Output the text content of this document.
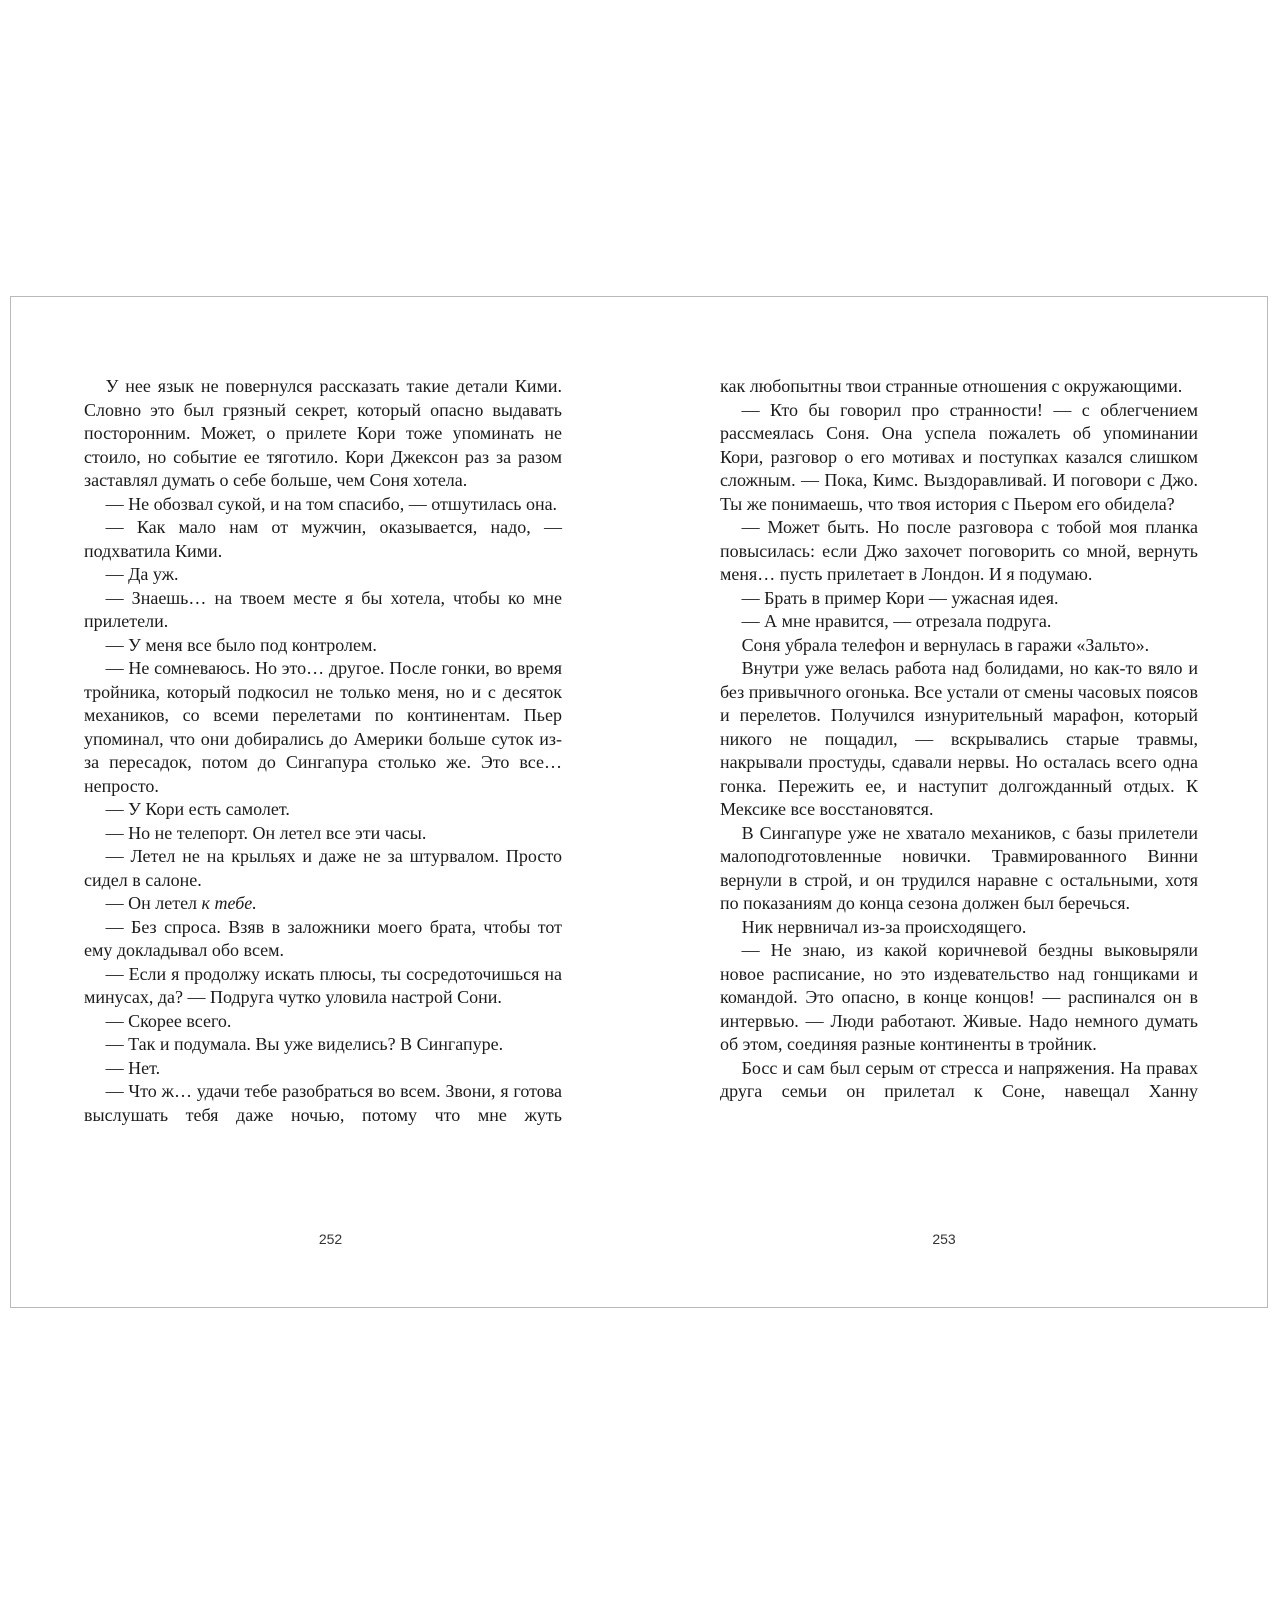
У нее язык не повернулся рассказать такие детали Кими. Словно это был грязный секрет, который опасно выдавать посторонним. Может, о прилете Кори тоже упоминать не стоило, но событие ее тяготило. Кори Джексон раз за разом заставлял думать о себе больше, чем Соня хотела.

— Не обозвал сукой, и на том спасибо, — отшутилась она.

— Как мало нам от мужчин, оказывается, надо, — подхватила Кими.

— Да уж.

— Знаешь… на твоем месте я бы хотела, чтобы ко мне прилетели.

— У меня все было под контролем.

— Не сомневаюсь. Но это… другое. После гонки, во время тройника, который подкосил не только меня, но и с десяток механиков, со всеми перелетами по континентам. Пьер упоминал, что они добирались до Америки больше суток из-за пересадок, потом до Сингапура столько же. Это все… непросто.

— У Кори есть самолет.

— Но не телепорт. Он летел все эти часы.

— Летел не на крыльях и даже не за штурвалом. Просто сидел в салоне.

— Он летел к тебе.

— Без спроса. Взяв в заложники моего брата, чтобы тот ему докладывал обо всем.

— Если я продолжу искать плюсы, ты сосредоточишься на минусах, да? — Подруга чутко уловила настрой Сони.

— Скорее всего.

— Так и подумала. Вы уже виделись? В Сингапуре.

— Нет.

— Что ж… удачи тебе разобраться во всем. Звони, я готова выслушать тебя даже ночью, потому что мне жуть

252

как любопытны твои странные отношения с окружающими.

— Кто бы говорил про странности! — с облегчением рассмеялась Соня. Она успела пожалеть об упоминании Кори, разговор о его мотивах и поступках казался слишком сложным. — Пока, Кимс. Выздоравливай. И поговори с Джо. Ты же понимаешь, что твоя история с Пьером его обидела?

— Может быть. Но после разговора с тобой моя планка повысилась: если Джо захочет поговорить со мной, вернуть меня… пусть прилетает в Лондон. И я подумаю.

— Брать в пример Кори — ужасная идея.

— А мне нравится, — отрезала подруга.

Соня убрала телефон и вернулась в гаражи «Зальто».

Внутри уже велась работа над болидами, но как-то вяло и без привычного огонька. Все устали от смены часовых поясов и перелетов. Получился изнурительный марафон, который никого не пощадил, — вскрывались старые травмы, накрывали простуды, сдавали нервы. Но осталась всего одна гонка. Пережить ее, и наступит долгожданный отдых. К Мексике все восстановятся.

В Сингапуре уже не хватало механиков, с базы прилетели малоподготовленные новички. Травмированного Винни вернули в строй, и он трудился наравне с остальными, хотя по показаниям до конца сезона должен был беречься.

Ник нервничал из-за происходящего.

— Не знаю, из какой коричневой бездны выковыряли новое расписание, но это издевательство над гонщиками и командой. Это опасно, в конце концов! — распинался он в интервью. — Люди работают. Живые. Надо немного думать об этом, соединяя разные континенты в тройник.

Босс и сам был серым от стресса и напряжения. На правах друга семьи он прилетал к Соне, навещал Ханну

253
